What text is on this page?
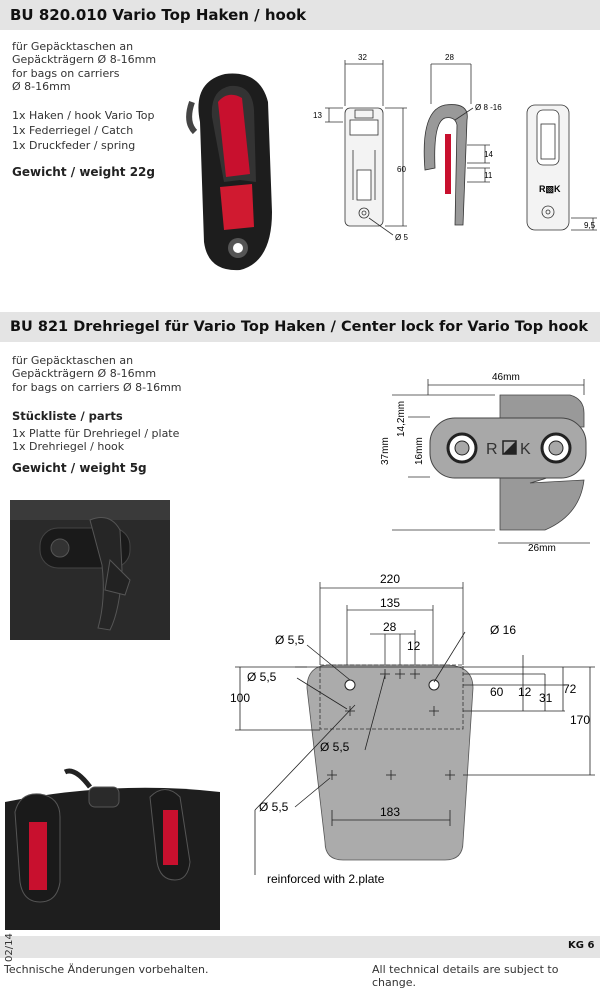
BU 820.010 Vario Top Haken / hook
für Gepäcktaschen an
Gepäckträgern Ø 8-16mm
for bags on carriers
Ø 8-16mm
1x Haken / hook Vario Top
1x Federriegel / Catch
1x Druckfeder / spring
Gewicht / weight 22g
32	28
Ø 8 -16
13
60
14
11
Ø 5
9,5
R▧K
BU 821 Drehriegel für Vario Top Haken / Center lock for Vario Top hook
für Gepäcktaschen an
Gepäckträgern Ø 8-16mm
for bags on carriers Ø 8-16mm
Stückliste / parts
1x Platte für Drehriegel / plate
1x Drehriegel / hook
Gewicht / weight 5g
R K
46mm
26mm
37mm
14,2mm
16mm
220
135
28
12
Ø 5,5
Ø 16
Ø 5,5
100	60 12 31
72
170
Ø 5,5
Ø 5,5	183
reinforced with 2.plate
02/14	KG 6
Technische Änderungen vorbehalten.	All technical details are subject to change.
